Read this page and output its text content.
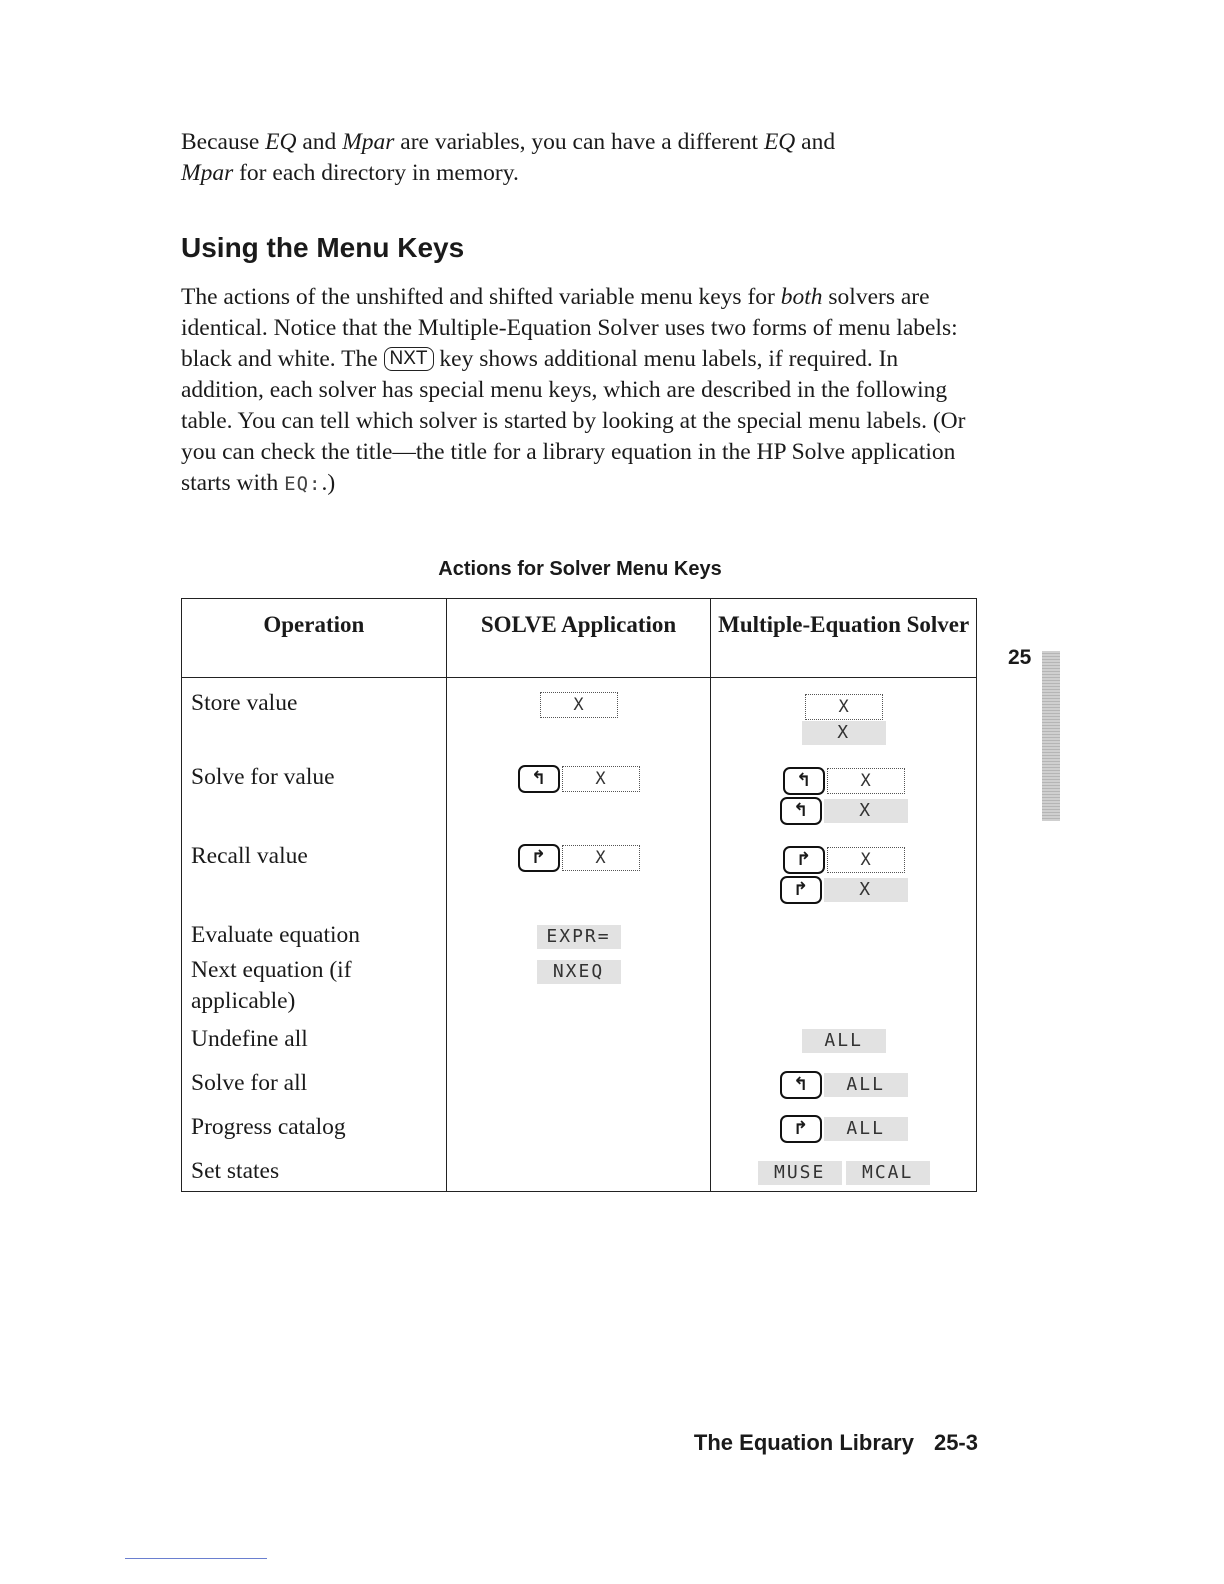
Because EQ and Mpar are variables, you can have a different EQ and
Mpar for each directory in memory.
Using the Menu Keys
The actions of the unshifted and shifted variable menu keys for both solvers are identical. Notice that the Multiple-Equation Solver uses two forms of menu labels: black and white. The NXT key shows additional menu labels, if required. In addition, each solver has special menu keys, which are described in the following table. You can tell which solver is started by looking at the special menu labels. (Or you can check the title—the title for a library equation in the HP Solve application starts with EQ:.)
Actions for Solver Menu Keys
Operation	SOLVE Application	Multiple-Equation Solver
Store value	X	X
X

Solve for value	↰ X	↰ X
↰ X

Recall value	↱ X	↱ X
↱ X

Evaluate equation	EXPR=	
Next equation (if applicable)	NXEQ	
Undefine all		ALL
Solve for all		↰ ALL
Progress catalog		↱ ALL
Set states		MUSE MCAL
25
The Equation Library 25-3
